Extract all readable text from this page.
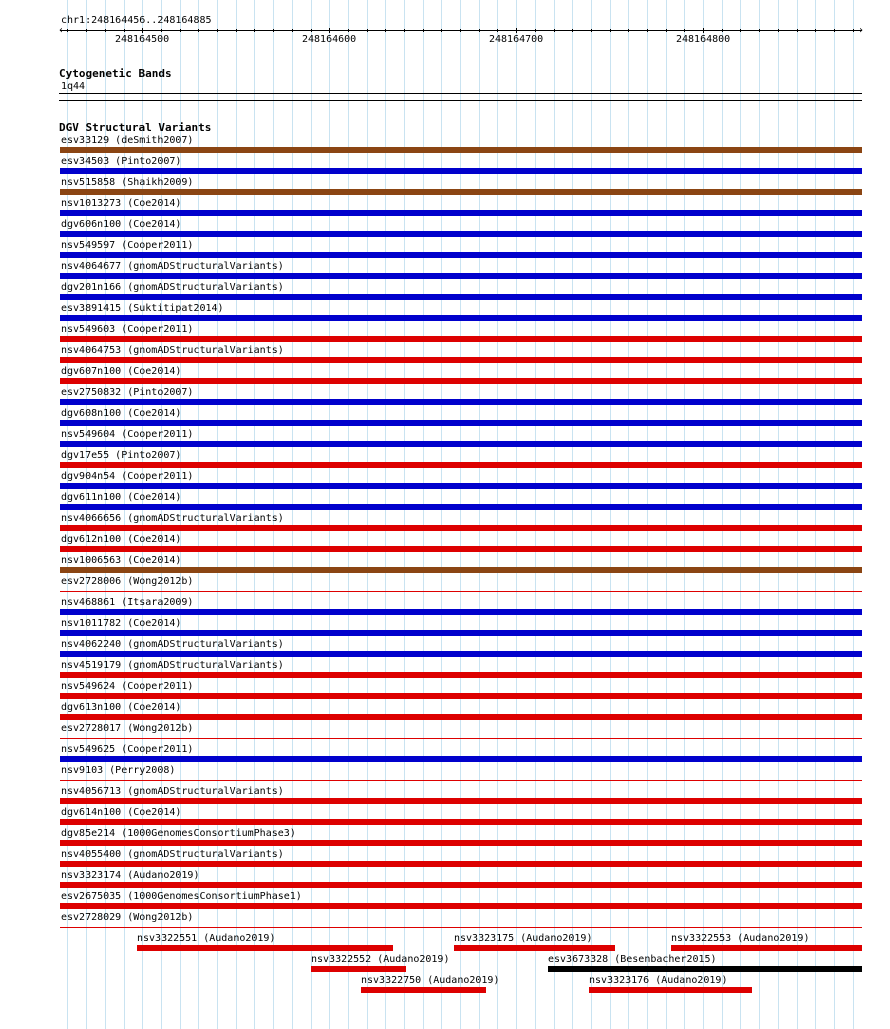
chr1:248164456..248164885
‹	›
248164500	248164600	248164700	248164800
Cytogenetic Bands
1q44
DGV Structural Variants
esv33129 (deSmith2007)
esv34503 (Pinto2007)
nsv515858 (Shaikh2009)
nsv1013273 (Coe2014)
dgv606n100 (Coe2014)
nsv549597 (Cooper2011)
nsv4064677 (gnomADStructuralVariants)
dgv201n166 (gnomADStructuralVariants)
esv3891415 (Suktitipat2014)
nsv549603 (Cooper2011)
nsv4064753 (gnomADStructuralVariants)
dgv607n100 (Coe2014)
esv2750832 (Pinto2007)
dgv608n100 (Coe2014)
nsv549604 (Cooper2011)
dgv17e55 (Pinto2007)
dgv904n54 (Cooper2011)
dgv611n100 (Coe2014)
nsv4066656 (gnomADStructuralVariants)
dgv612n100 (Coe2014)
nsv1006563 (Coe2014)
esv2728006 (Wong2012b)
nsv468861 (Itsara2009)
nsv1011782 (Coe2014)
nsv4062240 (gnomADStructuralVariants)
nsv4519179 (gnomADStructuralVariants)
nsv549624 (Cooper2011)
dgv613n100 (Coe2014)
esv2728017 (Wong2012b)
nsv549625 (Cooper2011)
nsv9103 (Perry2008)
nsv4056713 (gnomADStructuralVariants)
dgv614n100 (Coe2014)
dgv85e214 (1000GenomesConsortiumPhase3)
nsv4055400 (gnomADStructuralVariants)
nsv3323174 (Audano2019)
esv2675035 (1000GenomesConsortiumPhase1)
esv2728029 (Wong2012b)
nsv3322551 (Audano2019)	nsv3323175 (Audano2019)	nsv3322553 (Audano2019)
nsv3322552 (Audano2019)	esv3673328 (Besenbacher2015)
nsv3322750 (Audano2019)	nsv3323176 (Audano2019)
